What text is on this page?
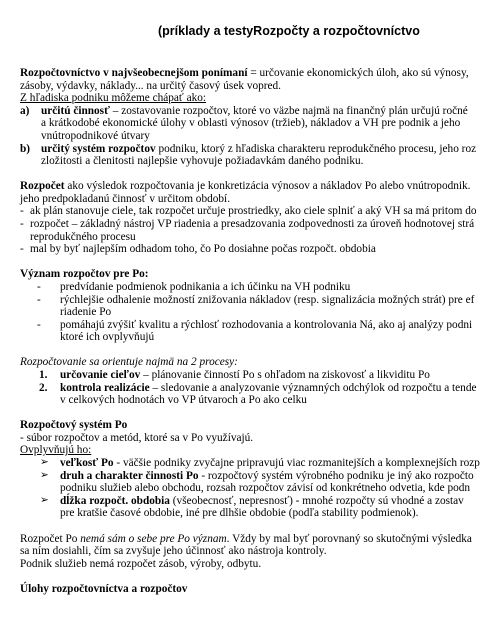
(príklady a testyRozpočty a rozpočtovníctvo
Rozpočtovníctvo v najvšeobecnejšom ponímaní = určovanie ekonomických úloh, ako sú výnosy,
zásoby, výdavky, náklady... na určitý časový úsek vopred.
Z hľadiska podniku môžeme chápať ako:
a) určitú činnosť – zostavovanie rozpočtov, ktoré vo väzbe najmä na finančný plán určujú ročné
a krátkodobé ekonomické úlohy v oblasti výnosov (tržieb), nákladov a VH pre podnik a jeho
vnútropodnikové útvary
b) určitý systém rozpočtov podniku, ktorý z hľadiska charakteru reprodukčného procesu, jeho roz
zložitosti a členitosti najlepšie vyhovuje požiadavkám daného podniku.
Rozpočet ako výsledok rozpočtovania je konkretizácia výnosov a nákladov Po alebo vnútropodnik.
jeho predpokladanú činnosť v určitom období.
- ak plán stanovuje ciele, tak rozpočet určuje prostriedky, ako ciele splniť a aký VH sa má pritom do
- rozpočet – základný nástroj VP riadenia a presadzovania zodpovednosti za úroveň hodnotovej strá
reprodukčného procesu
- mal by byť najlepším odhadom toho, čo Po dosiahne počas rozpočt. obdobia
Význam rozpočtov pre Po:
- predvídanie podmienok podnikania a ich účinku na VH podniku
- rýchlejšie odhalenie možností znižovania nákladov (resp. signalizácia možných strát) pre ef
riadenie Po
- pomáhajú zvýšiť kvalitu a rýchlosť rozhodovania a kontrolovania Ná, ako aj analýzy podni
ktoré ich ovplyvňujú
Rozpočtovanie sa orientuje najmä na 2 procesy:
1. určovanie cieľov – plánovanie činností Po s ohľadom na ziskovosť a likviditu Po
2. kontrola realizácie – sledovanie a analyzovanie významných odchýlok od rozpočtu a tende
v celkových hodnotách vo VP útvaroch a Po ako celku
Rozpočtový systém Po
- súbor rozpočtov a metód, ktoré sa v Po využívajú.
Ovplyvňujú ho:
➢ veľkosť Po - väčšie podniky zvyčajne pripravujú viac rozmanitejších a komplexnejších rozp
➢ druh a charakter činnosti Po - rozpočtový systém výrobného podniku je iný ako rozpočto
podniku služieb alebo obchodu, rozsah rozpočtov závisí od konkrétneho odvetia, kde podn
➢ dĺžka rozpočt. obdobia (všeobecnosť, nepresnosť) - mnohé rozpočty sú vhodné a zostav
pre kratšie časové obdobie, iné pre dlhšie obdobie (podľa stability podmienok).
Rozpočet Po nemá sám o sebe pre Po význam. Vždy by mal byť porovnaný so skutočnými výsledka
sa ním dosiahli, čím sa zvyšuje jeho účinnosť ako nástroja kontroly.
Podnik služieb nemá rozpočet zásob, výroby, odbytu.
Úlohy rozpočtovníctva a rozpočtov
